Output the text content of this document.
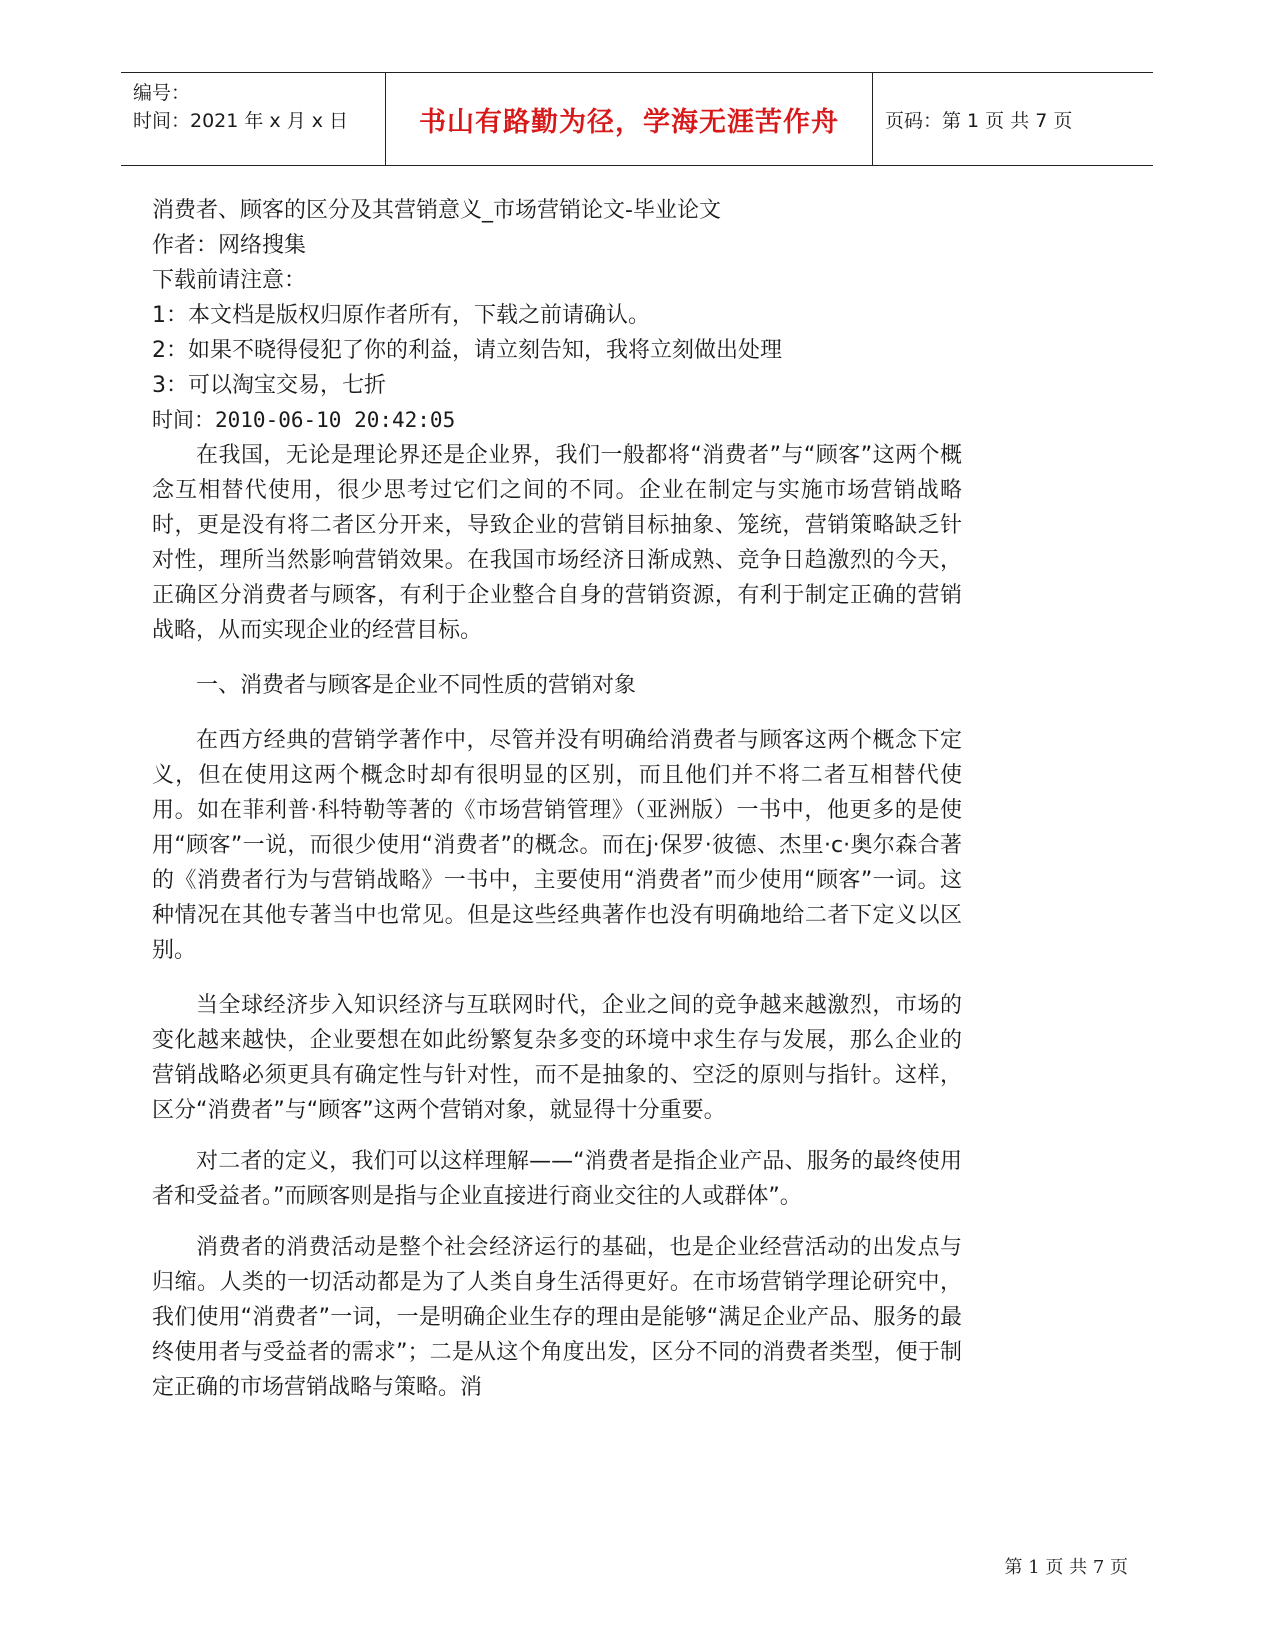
编号：
时间：2021 年 x 月 x 日	书山有路勤为径，学海无涯苦作舟	页码：第 1 页 共 7 页
消费者、顾客的区分及其营销意义_市场营销论文-毕业论文
作者：网络搜集
下载前请注意：
1：本文档是版权归原作者所有，下载之前请确认。
2：如果不晓得侵犯了你的利益，请立刻告知，我将立刻做出处理
3：可以淘宝交易，七折
时间：2010-06-10 20:42:05

在我国，无论是理论界还是企业界，我们一般都将“消费者”与“顾客”这两个概念互相替代使用，很少思考过它们之间的不同。企业在制定与实施市场营销战略时，更是没有将二者区分开来，导致企业的营销目标抽象、笼统，营销策略缺乏针对性，理所当然影响营销效果。在我国市场经济日渐成熟、竞争日趋激烈的今天，正确区分消费者与顾客，有利于企业整合自身的营销资源，有利于制定正确的营销战略，从而实现企业的经营目标。

一、消费者与顾客是企业不同性质的营销对象

在西方经典的营销学著作中，尽管并没有明确给消费者与顾客这两个概念下定义，但在使用这两个概念时却有很明显的区别，而且他们并不将二者互相替代使用。如在菲利普·科特勒等著的《市场营销管理》（亚洲版）一书中，他更多的是使用“顾客”一说，而很少使用“消费者”的概念。而在j·保罗·彼德、杰里·c·奥尔森合著的《消费者行为与营销战略》一书中，主要使用“消费者”而少使用“顾客”一词。这种情况在其他专著当中也常见。但是这些经典著作也没有明确地给二者下定义以区别。

当全球经济步入知识经济与互联网时代，企业之间的竞争越来越激烈，市场的变化越来越快，企业要想在如此纷繁复杂多变的环境中求生存与发展，那么企业的营销战略必须更具有确定性与针对性，而不是抽象的、空泛的原则与指针。这样，区分“消费者”与“顾客”这两个营销对象，就显得十分重要。

对二者的定义，我们可以这样理解——“消费者是指企业产品、服务的最终使用者和受益者。”而顾客则是指与企业直接进行商业交往的人或群体”。

消费者的消费活动是整个社会经济运行的基础，也是企业经营活动的出发点与归缩。人类的一切活动都是为了人类自身生活得更好。在市场营销学理论研究中，我们使用“消费者”一词，一是明确企业生存的理由是能够“满足企业产品、服务的最终使用者与受益者的需求”；二是从这个角度出发，区分不同的消费者类型，便于制定正确的市场营销战略与策略。消

第 1 页 共 7 页
